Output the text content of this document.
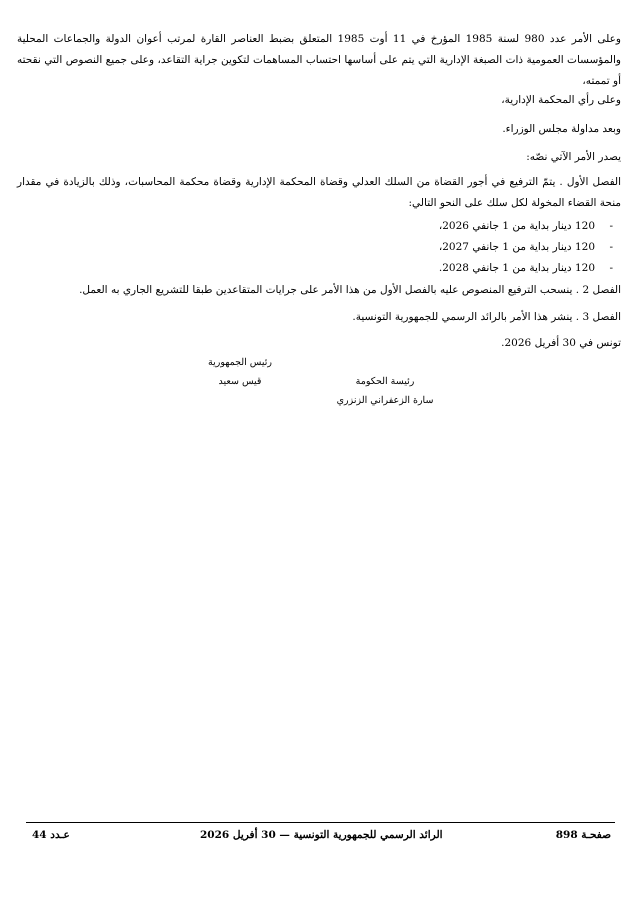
وعلى الأمر عدد 980 لسنة 1985 المؤرخ في 11 أوت 1985 المتعلق بضبط العناصر القارة لمرتب أعوان الدولة والجماعات المحلية والمؤسسات العمومية ذات الصبغة الإدارية التي يتم على أساسها احتساب المساهمات لتكوين جراية التقاعد، وعلى جميع النصوص التي نقحته أو تممته،

وعلى رأي المحكمة الإدارية،

وبعد مداولة مجلس الوزراء.

يصدر الأمر الآتي نصّه:

الفصل الأول . يتمّ الترفيع في أجور القضاة من السلك العدلي وقضاة المحكمة الإدارية وقضاة محكمة المحاسبات، وذلك بالزيادة في مقدار منحة القضاء المخولة لكل سلك على النحو التالي:

-120 دينار بداية من 1 جانفي 2026،
-120 دينار بداية من 1 جانفي 2027،
-120 دينار بداية من 1 جانفي 2028.

الفصل 2 . ينسحب الترفيع المنصوص عليه بالفصل الأول من هذا الأمر على جرايات المتقاعدين طبقا للتشريع الجاري به العمل.

الفصل 3 . ينشر هذا الأمر بالرائد الرسمي للجمهورية التونسية.

تونس في 30 أفريل 2026.

رئيس الجمهورية

قيس سعيد	رئيسة الحكومة

سارة الزعفراني الزنزري

صفحـة 898
الرائد الرسمي للجمهورية التونسية — 30 أفريل 2026
عـدد 44
